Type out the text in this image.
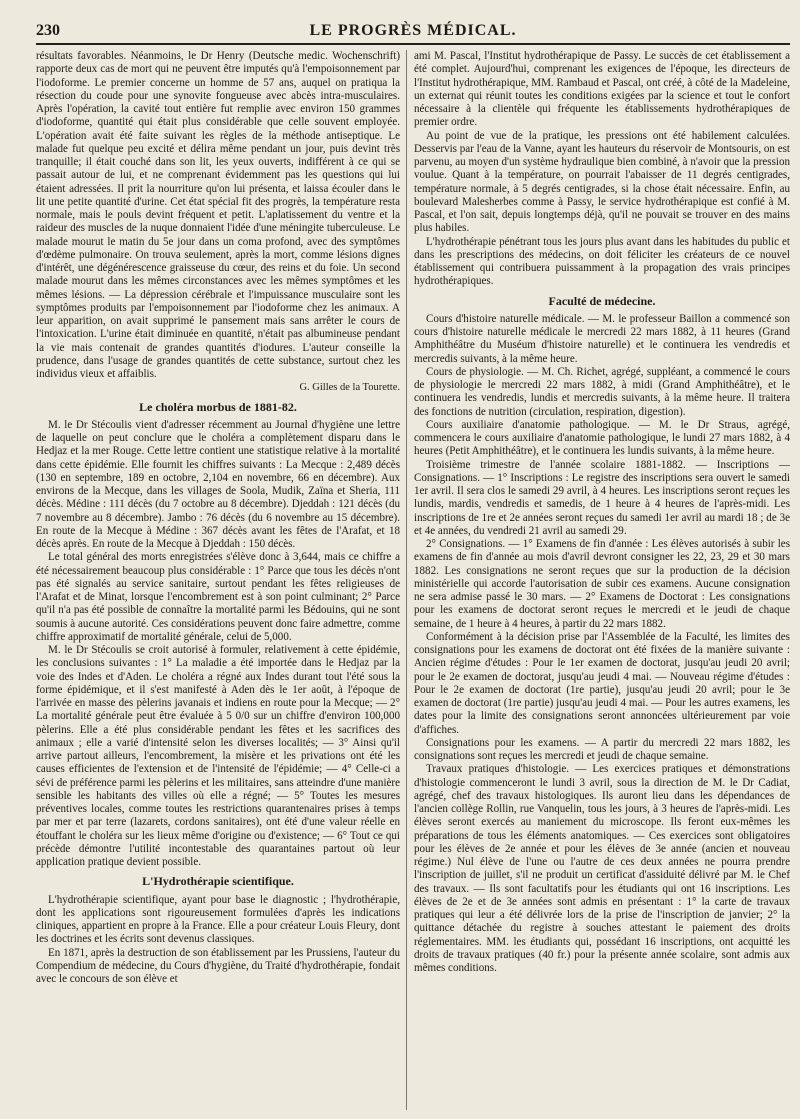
230	LE PROGRÈS MÉDICAL.

résultats favorables. Néanmoins, le Dr Henry (Deutsche medic. Wochenschrift) rapporte deux cas de mort qui ne peuvent être imputés qu'à l'empoisonnement par l'iodoforme. Le premier concerne un homme de 57 ans, auquel on pratiqua la résection du coude pour une synovite fongueuse avec abcès intra-musculaires. Après l'opération, la cavité tout entière fut remplie avec environ 150 grammes d'iodoforme, quantité qui était plus considérable que celle souvent employée. L'opération avait été faite suivant les règles de la méthode antiseptique. Le malade fut quelque peu excité et délira même pendant un jour, puis devint très tranquille; il était couché dans son lit, les yeux ouverts, indifférent à ce qui se passait autour de lui, et ne comprenant évidemment pas les questions qui lui étaient adressées. Il prit la nourriture qu'on lui présenta, et laissa écouler dans le lit une petite quantité d'urine. Cet état spécial fit des progrès, la température resta normale, mais le pouls devint fréquent et petit. L'aplatissement du ventre et la raideur des muscles de la nuque donnaient l'idée d'une méningite tuberculeuse. Le malade mourut le matin du 5e jour dans un coma profond, avec des symptômes d'œdème pulmonaire. On trouva seulement, après la mort, comme lésions dignes d'intérêt, une dégénérescence graisseuse du cœur, des reins et du foie. Un second malade mourut dans les mêmes circonstances avec les mêmes symptômes et les mêmes lésions. — La dépression cérébrale et l'impuissance musculaire sont les symptômes produits par l'empoisonnement par l'iodoforme chez les animaux. A leur apparition, on avait supprimé le pansement mais sans arrêter le cours de l'intoxication. L'urine était diminuée en quantité, n'était pas albumineuse pendant la vie mais contenait de grandes quantités d'iodures. L'auteur conseille la prudence, dans l'usage de grandes quantités de cette substance, surtout chez les individus vieux et affaiblis.

G. Gilles de la Tourette.
Le choléra morbus de 1881-82.

M. le Dr Stécoulis vient d'adresser récemment au Journal d'hygiène une lettre de laquelle on peut conclure que le choléra a complètement disparu dans le Hedjaz et la mer Rouge. Cette lettre contient une statistique relative à la mortalité dans cette épidémie. Elle fournit les chiffres suivants : La Mecque : 2,489 décès (130 en septembre, 189 en octobre, 2,104 en novembre, 66 en décembre). Aux environs de la Mecque, dans les villages de Soola, Mudik, Zaïna et Sheria, 111 décès. Médine : 111 décès (du 7 octobre au 8 décembre). Djeddah : 121 décès (du 7 novembre au 8 décembre). Jambo : 76 décès (du 6 novembre au 15 décembre). En route de la Mecque à Médine : 367 décès avant les fêtes de l'Arafat, et 18 décès après. En route de la Mecque à Djeddah : 150 décès.

Le total général des morts enregistrées s'élève donc à 3,644, mais ce chiffre a été nécessairement beaucoup plus considérable : 1° Parce que tous les décès n'ont pas été signalés au service sanitaire, surtout pendant les fêtes religieuses de l'Arafat et de Minat, lorsque l'encombrement est à son point culminant; 2° Parce qu'il n'a pas été possible de connaître la mortalité parmi les Bédouins, qui ne sont soumis à aucune autorité. Ces considérations peuvent donc faire admettre, comme chiffre approximatif de mortalité générale, celui de 5,000.

M. le Dr Stécoulis se croit autorisé à formuler, relativement à cette épidémie, les conclusions suivantes : 1° La maladie a été importée dans le Hedjaz par la voie des Indes et d'Aden. Le choléra a régné aux Indes durant tout l'été sous la forme épidémique, et il s'est manifesté à Aden dès le 1er août, à l'époque de l'arrivée en masse des pèlerins javanais et indiens en route pour la Mecque; — 2° La mortalité générale peut être évaluée à 5 0/0 sur un chiffre d'environ 100,000 pèlerins. Elle a été plus considérable pendant les fêtes et les sacrifices des animaux ; elle a varié d'intensité selon les diverses localités; — 3° Ainsi qu'il arrive partout ailleurs, l'encombrement, la misère et les privations ont été les causes efficientes de l'extension et de l'intensité de l'épidémie; — 4° Celle-ci a sévi de préférence parmi les pèlerins et les militaires, sans atteindre d'une manière sensible les habitants des villes où elle a régné; — 5° Toutes les mesures préventives locales, comme toutes les restrictions quarantenaires prises à temps par mer et par terre (lazarets, cordons sanitaires), ont été d'une valeur réelle en étouffant le choléra sur les lieux même d'origine ou d'existence; — 6° Tout ce qui précède démontre l'utilité incontestable des quarantaines partout où leur application pratique devient possible.

L'Hydrothérapie scientifique.

L'hydrothérapie scientifique, ayant pour base le diagnostic ; l'hydrothérapie, dont les applications sont rigoureusement formulées d'après les indications cliniques, appartient en propre à la France. Elle a pour créateur Louis Fleury, dont les doctrines et les écrits sont devenus classiques.

En 1871, après la destruction de son établissement par les Prussiens, l'auteur du Compendium de médecine, du Cours d'hygiène, du Traité d'hydrothérapie, fondait avec le concours de son élève et

ami M. Pascal, l'Institut hydrothérapique de Passy. Le succès de cet établissement a été complet. Aujourd'hui, comprenant les exigences de l'époque, les directeurs de l'Institut hydrothérapique, MM. Rambaud et Pascal, ont créé, à côté de la Madeleine, un externat qui réunit toutes les conditions exigées par la science et tout le confort nécessaire à la clientèle qui fréquente les établissements hydrothérapiques de premier ordre.

Au point de vue de la pratique, les pressions ont été habilement calculées. Desservis par l'eau de la Vanne, ayant les hauteurs du réservoir de Montsouris, on est parvenu, au moyen d'un système hydraulique bien combiné, à n'avoir que la pression voulue. Quant à la température, on pourrait l'abaisser de 11 degrés centigrades, température normale, à 5 degrés centigrades, si la chose était nécessaire. Enfin, au boulevard Malesherbes comme à Passy, le service hydrothérapique est confié à M. Pascal, et l'on sait, depuis longtemps déjà, qu'il ne pouvait se trouver en des mains plus habiles.

L'hydrothérapie pénétrant tous les jours plus avant dans les habitudes du public et dans les prescriptions des médecins, on doit féliciter les créateurs de ce nouvel établissement qui contribuera puissamment à la propagation des vrais principes hydrothérapiques.

Faculté de médecine.

Cours d'histoire naturelle médicale. — M. le professeur Baillon a commencé son cours d'histoire naturelle médicale le mercredi 22 mars 1882, à 11 heures (Grand Amphithéâtre du Muséum d'histoire naturelle) et le continuera les vendredis et mercredis suivants, à la même heure.

Cours de physiologie. — M. Ch. Richet, agrégé, suppléant, a commencé le cours de physiologie le mercredi 22 mars 1882, à midi (Grand Amphithéâtre), et le continuera les vendredis, lundis et mercredis suivants, à la même heure. Il traitera des fonctions de nutrition (circulation, respiration, digestion).

Cours auxiliaire d'anatomie pathologique. — M. le Dr Straus, agrégé, commencera le cours auxiliaire d'anatomie pathologique, le lundi 27 mars 1882, à 4 heures (Petit Amphithéâtre), et le continuera les lundis suivants, à la même heure.

Troisième trimestre de l'année scolaire 1881-1882. — Inscriptions — Consignations. — 1° Inscriptions : Le registre des inscriptions sera ouvert le samedi 1er avril. Il sera clos le samedi 29 avril, à 4 heures. Les inscriptions seront reçues les lundis, mardis, vendredis et samedis, de 1 heure à 4 heures de l'après-midi. Les inscriptions de 1re et 2e années seront reçues du samedi 1er avril au mardi 18 ; de 3e et 4e années, du vendredi 21 avril au samedi 29.

2° Consignations. — 1° Examens de fin d'année : Les élèves autorisés à subir les examens de fin d'année au mois d'avril devront consigner les 22, 23, 29 et 30 mars 1882. Les consignations ne seront reçues que sur la production de la décision ministérielle qui accorde l'autorisation de subir ces examens. Aucune consignation ne sera admise passé le 30 mars. — 2° Examens de Doctorat : Les consignations pour les examens de doctorat seront reçues le mercredi et le jeudi de chaque semaine, de 1 heure à 4 heures, à partir du 22 mars 1882.

Conformément à la décision prise par l'Assemblée de la Faculté, les limites des consignations pour les examens de doctorat ont été fixées de la manière suivante : Ancien régime d'études : Pour le 1er examen de doctorat, jusqu'au jeudi 20 avril; pour le 2e examen de doctorat, jusqu'au jeudi 4 mai. — Nouveau régime d'études : Pour le 2e examen de doctorat (1re partie), jusqu'au jeudi 20 avril; pour le 3e examen de doctorat (1re partie) jusqu'au jeudi 4 mai. — Pour les autres examens, les dates pour la limite des consignations seront annoncées ultérieurement par voie d'affiches.

Consignations pour les examens. — A partir du mercredi 22 mars 1882, les consignations sont reçues les mercredi et jeudi de chaque semaine.

Travaux pratiques d'histologie. — Les exercices pratiques et démonstrations d'histologie commenceront le lundi 3 avril, sous la direction de M. le Dr Cadiat, agrégé, chef des travaux histologiques. Ils auront lieu dans les dépendances de l'ancien collège Rollin, rue Vanquelin, tous les jours, à 3 heures de l'après-midi. Les élèves seront exercés au maniement du microscope. Ils feront eux-mêmes les préparations de tous les éléments anatomiques. — Ces exercices sont obligatoires pour les élèves de 2e année et pour les élèves de 3e année (ancien et nouveau régime.) Nul élève de l'une ou l'autre de ces deux années ne pourra prendre l'inscription de juillet, s'il ne produit un certificat d'assiduité délivré par M. le Chef des travaux. — Ils sont facultatifs pour les étudiants qui ont 16 inscriptions. Les élèves de 2e et de 3e années sont admis en présentant : 1° la carte de travaux pratiques qui leur a été délivrée lors de la prise de l'inscription de janvier; 2° la quittance détachée du registre à souches attestant le paiement des droits réglementaires. MM. les étudiants qui, possédant 16 inscriptions, ont acquitté les droits de travaux pratiques (40 fr.) pour la présente année scolaire, sont admis aux mêmes conditions.
